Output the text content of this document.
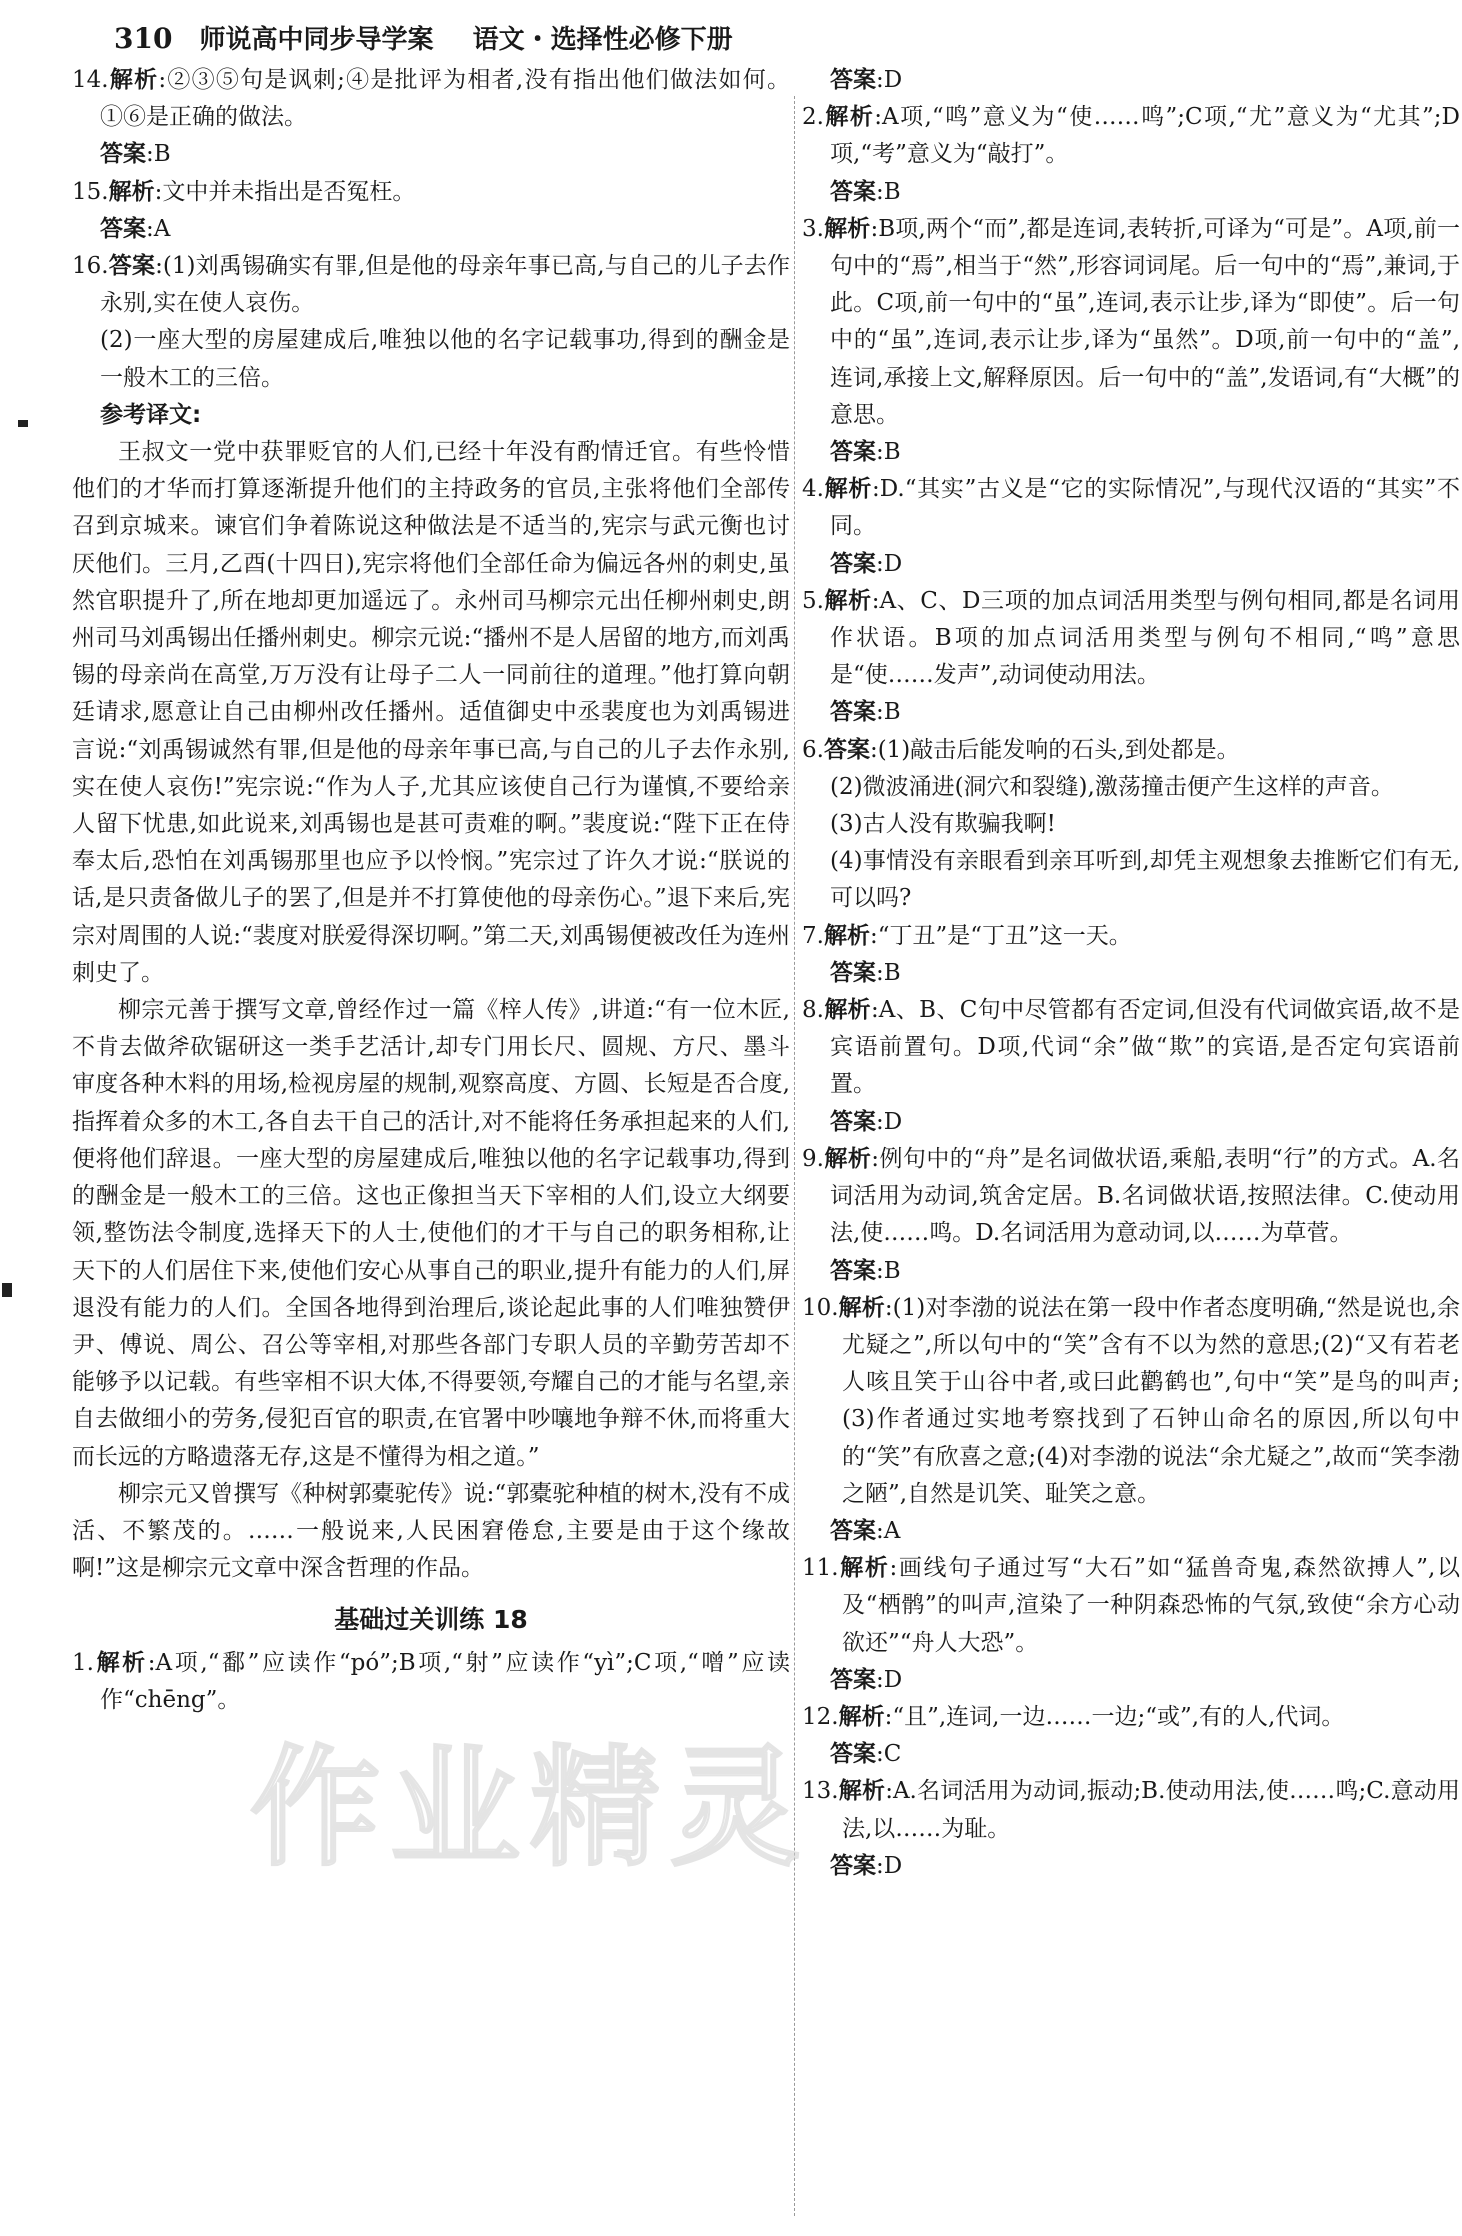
310 师说高中同步导学案 语文・选择性必修下册

14.解析:②③⑤句是讽刺;④是批评为相者,没有指出他们做法如何。①⑥是正确的做法。

答案:B

15.解析:文中并未指出是否冤枉。

答案:A

16.答案:(1)刘禹锡确实有罪,但是他的母亲年事已高,与自己的儿子去作永别,实在使人哀伤。

(2)一座大型的房屋建成后,唯独以他的名字记载事功,得到的酬金是一般木工的三倍。

参考译文:

王叔文一党中获罪贬官的人们,已经十年没有酌情迁官。有些怜惜他们的才华而打算逐渐提升他们的主持政务的官员,主张将他们全部传召到京城来。谏官们争着陈说这种做法是不适当的,宪宗与武元衡也讨厌他们。三月,乙酉(十四日),宪宗将他们全部任命为偏远各州的刺史,虽然官职提升了,所在地却更加遥远了。永州司马柳宗元出任柳州刺史,朗州司马刘禹锡出任播州刺史。柳宗元说:“播州不是人居留的地方,而刘禹锡的母亲尚在高堂,万万没有让母子二人一同前往的道理。”他打算向朝廷请求,愿意让自己由柳州改任播州。适值御史中丞裴度也为刘禹锡进言说:“刘禹锡诚然有罪,但是他的母亲年事已高,与自己的儿子去作永别,实在使人哀伤!”宪宗说:“作为人子,尤其应该使自己行为谨慎,不要给亲人留下忧患,如此说来,刘禹锡也是甚可责难的啊。”裴度说:“陛下正在侍奉太后,恐怕在刘禹锡那里也应予以怜悯。”宪宗过了许久才说:“朕说的话,是只责备做儿子的罢了,但是并不打算使他的母亲伤心。”退下来后,宪宗对周围的人说:“裴度对朕爱得深切啊。”第二天,刘禹锡便被改任为连州刺史了。

柳宗元善于撰写文章,曾经作过一篇《梓人传》,讲道:“有一位木匠,不肯去做斧砍锯研这一类手艺活计,却专门用长尺、圆规、方尺、墨斗审度各种木料的用场,检视房屋的规制,观察高度、方圆、长短是否合度,指挥着众多的木工,各自去干自己的活计,对不能将任务承担起来的人们,便将他们辞退。一座大型的房屋建成后,唯独以他的名字记载事功,得到的酬金是一般木工的三倍。这也正像担当天下宰相的人们,设立大纲要领,整饬法令制度,选择天下的人士,使他们的才干与自己的职务相称,让天下的人们居住下来,使他们安心从事自己的职业,提升有能力的人们,屏退没有能力的人们。全国各地得到治理后,谈论起此事的人们唯独赞伊尹、傅说、周公、召公等宰相,对那些各部门专职人员的辛勤劳苦却不能够予以记载。有些宰相不识大体,不得要领,夸耀自己的才能与名望,亲自去做细小的劳务,侵犯百官的职责,在官署中吵嚷地争辩不休,而将重大而长远的方略遗落无存,这是不懂得为相之道。”

柳宗元又曾撰写《种树郭橐驼传》说:“郭橐驼种植的树木,没有不成活、不繁茂的。……一般说来,人民困窘倦怠,主要是由于这个缘故啊!”这是柳宗元文章中深含哲理的作品。

基础过关训练 18

1.解析:A项,“鄱”应读作“pó”;B项,“射”应读作“yì”;C项,“噌”应读作“chēng”。

答案:D

2.解析:A项,“鸣”意义为“使……鸣”;C项,“尤”意义为“尤其”;D项,“考”意义为“敲打”。

答案:B

3.解析:B项,两个“而”,都是连词,表转折,可译为“可是”。A项,前一句中的“焉”,相当于“然”,形容词词尾。后一句中的“焉”,兼词,于此。C项,前一句中的“虽”,连词,表示让步,译为“即使”。后一句中的“虽”,连词,表示让步,译为“虽然”。D项,前一句中的“盖”,连词,承接上文,解释原因。后一句中的“盖”,发语词,有“大概”的意思。

答案:B

4.解析:D.“其实”古义是“它的实际情况”,与现代汉语的“其实”不同。

答案:D

5.解析:A、C、D三项的加点词活用类型与例句相同,都是名词用作状语。B项的加点词活用类型与例句不相同,“鸣”意思是“使……发声”,动词使动用法。

答案:B

6.答案:(1)敲击后能发响的石头,到处都是。

(2)微波涌进(洞穴和裂缝),激荡撞击便产生这样的声音。

(3)古人没有欺骗我啊!

(4)事情没有亲眼看到亲耳听到,却凭主观想象去推断它们有无,可以吗?

7.解析:“丁丑”是“丁丑”这一天。

答案:B

8.解析:A、B、C句中尽管都有否定词,但没有代词做宾语,故不是宾语前置句。D项,代词“余”做“欺”的宾语,是否定句宾语前置。

答案:D

9.解析:例句中的“舟”是名词做状语,乘船,表明“行”的方式。A.名词活用为动词,筑舍定居。B.名词做状语,按照法律。C.使动用法,使……鸣。D.名词活用为意动词,以……为草菅。

答案:B

10.解析:(1)对李渤的说法在第一段中作者态度明确,“然是说也,余尤疑之”,所以句中的“笑”含有不以为然的意思;(2)“又有若老人咳且笑于山谷中者,或曰此鹳鹤也”,句中“笑”是鸟的叫声;(3)作者通过实地考察找到了石钟山命名的原因,所以句中的“笑”有欣喜之意;(4)对李渤的说法“余尤疑之”,故而“笑李渤之陋”,自然是讥笑、耻笑之意。

答案:A

11.解析:画线句子通过写“大石”如“猛兽奇鬼,森然欲搏人”,以及“栖鹘”的叫声,渲染了一种阴森恐怖的气氛,致使“余方心动欲还”“舟人大恐”。

答案:D

12.解析:“且”,连词,一边……一边;“或”,有的人,代词。

答案:C

13.解析:A.名词活用为动词,振动;B.使动用法,使……鸣;C.意动用法,以……为耻。

答案:D

作业精灵
